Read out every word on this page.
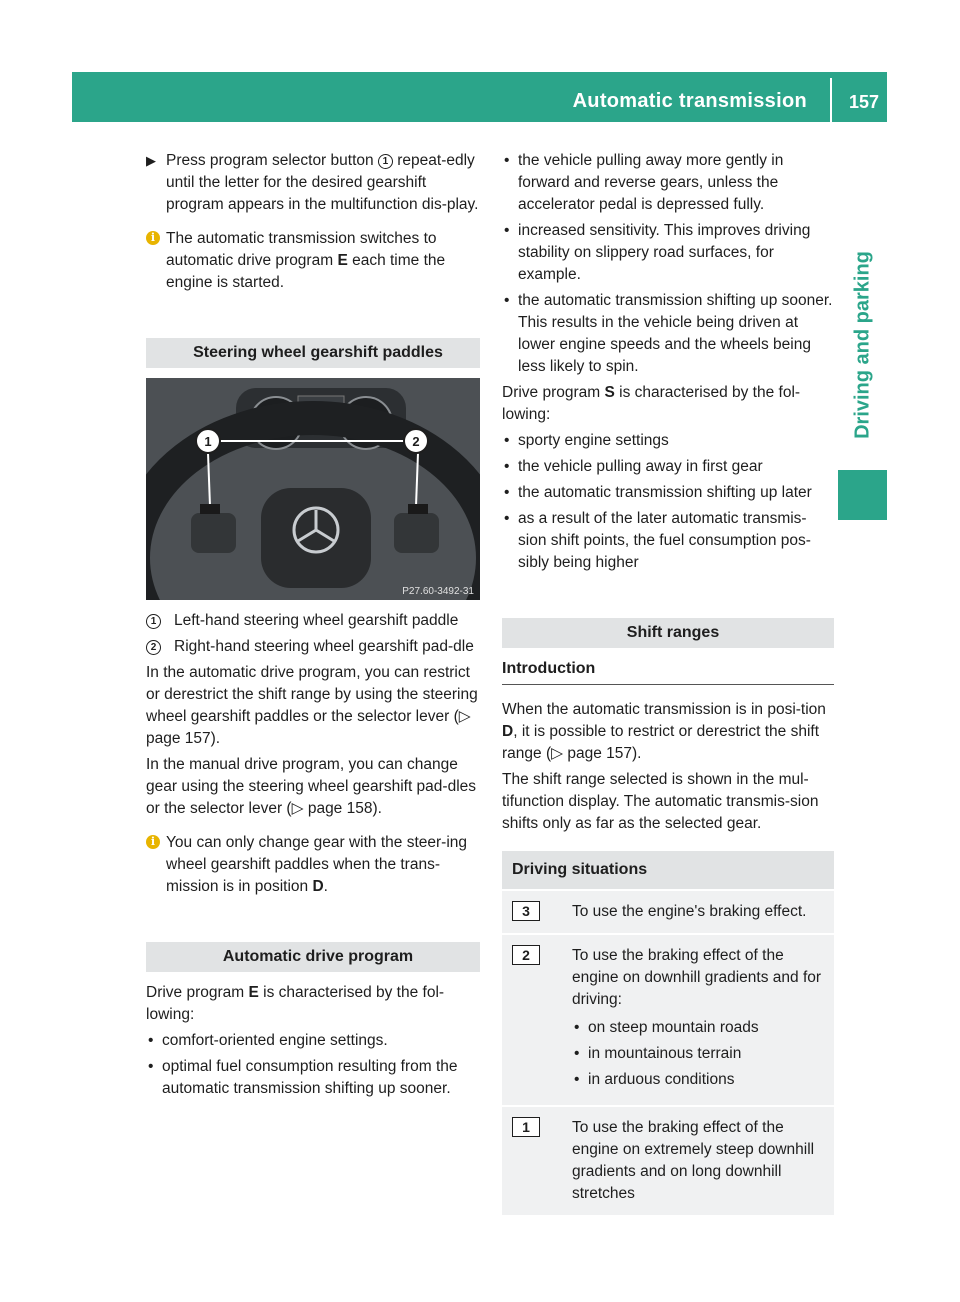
Automatic transmission 157
Driving and parking
▶ Press program selector button 1 repeat-edly until the letter for the desired gearshift program appears in the multifunction dis-play.
i The automatic transmission switches to automatic drive program E each time the engine is started.
Steering wheel gearshift paddles
1	2
P27.60-3492-31
1	Left-hand steering wheel gearshift paddle
2	Right-hand steering wheel gearshift pad-dle

In the automatic drive program, you can restrict or derestrict the shift range by using the steering wheel gearshift paddles or the selector lever (▷ page 157).

In the manual drive program, you can change gear using the steering wheel gearshift pad-dles or the selector lever (▷ page 158).

i You can only change gear with the steer-ing wheel gearshift paddles when the trans-mission is in position D.
Automatic drive program

Drive program E is characterised by the fol-lowing:

• comfort-oriented engine settings.
• optimal fuel consumption resulting from the automatic transmission shifting up sooner.
• the vehicle pulling away more gently in forward and reverse gears, unless the accelerator pedal is depressed fully.
• increased sensitivity. This improves driving stability on slippery road surfaces, for example.
• the automatic transmission shifting up sooner. This results in the vehicle being driven at lower engine speeds and the wheels being less likely to spin.

Drive program S is characterised by the fol-lowing:

• sporty engine settings
• the vehicle pulling away in first gear
• the automatic transmission shifting up later
• as a result of the later automatic transmis-sion shift points, the fuel consumption pos-sibly being higher
Shift ranges
Introduction

When the automatic transmission is in posi-tion D, it is possible to restrict or derestrict the shift range (▷ page 157).

The shift range selected is shown in the mul-tifunction display. The automatic transmis-sion shifts only as far as the selected gear.

Driving situations	
3	To use the engine's braking effect.

2	To use the braking effect of the engine on downhill gradients and for driving:
• on steep mountain roads
• in mountainous terrain
• in arduous conditions

1	To use the braking effect of the engine on extremely steep downhill gradients and on long downhill stretches
